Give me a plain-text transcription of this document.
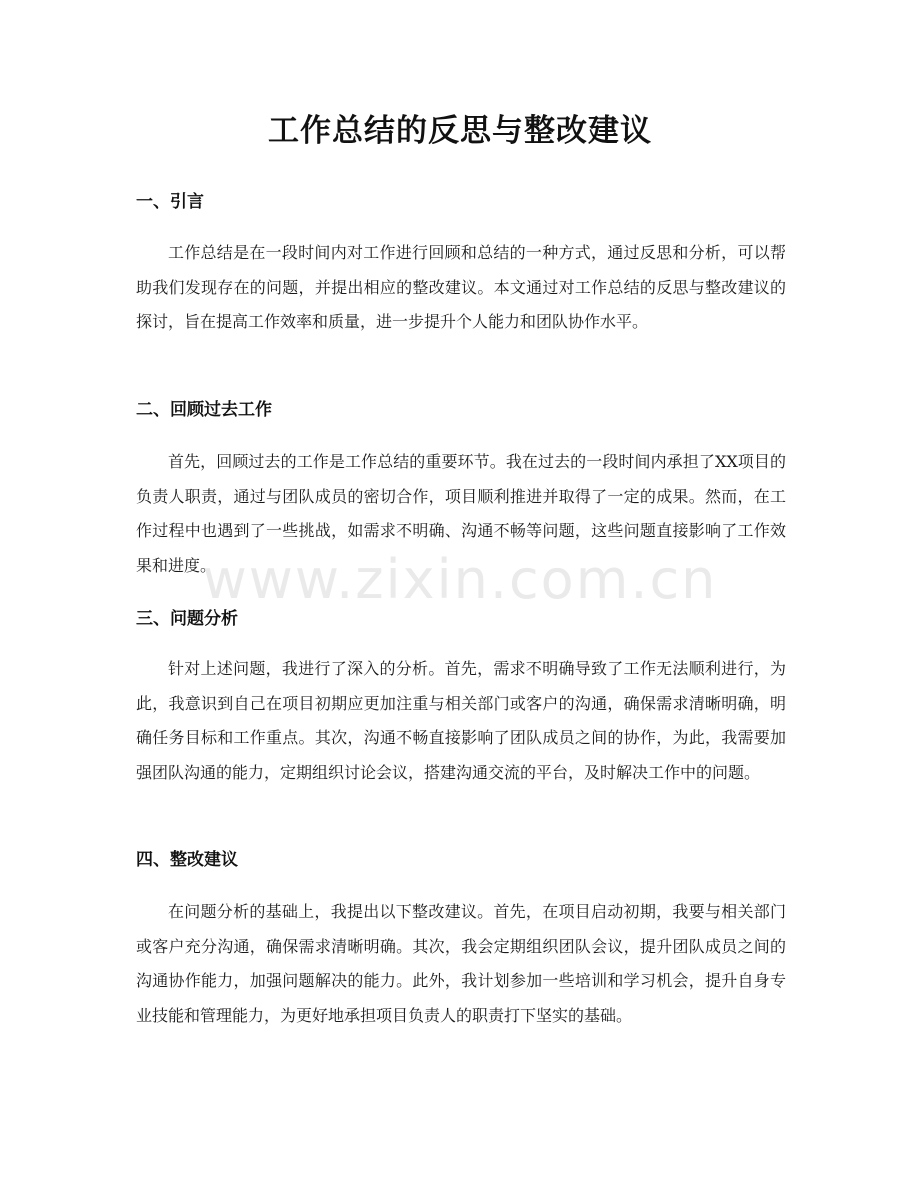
工作总结的反思与整改建议
一、引言
工作总结是在一段时间内对工作进行回顾和总结的一种方式，通过反思和分析，可以帮助我们发现存在的问题，并提出相应的整改建议。本文通过对工作总结的反思与整改建议的探讨，旨在提高工作效率和质量，进一步提升个人能力和团队协作水平。
二、回顾过去工作
首先，回顾过去的工作是工作总结的重要环节。我在过去的一段时间内承担了XX项目的负责人职责，通过与团队成员的密切合作，项目顺利推进并取得了一定的成果。然而，在工作过程中也遇到了一些挑战，如需求不明确、沟通不畅等问题，这些问题直接影响了工作效果和进度。
三、问题分析
针对上述问题，我进行了深入的分析。首先，需求不明确导致了工作无法顺利进行，为此，我意识到自己在项目初期应更加注重与相关部门或客户的沟通，确保需求清晰明确，明确任务目标和工作重点。其次，沟通不畅直接影响了团队成员之间的协作，为此，我需要加强团队沟通的能力，定期组织讨论会议，搭建沟通交流的平台，及时解决工作中的问题。
四、整改建议
在问题分析的基础上，我提出以下整改建议。首先，在项目启动初期，我要与相关部门或客户充分沟通，确保需求清晰明确。其次，我会定期组织团队会议，提升团队成员之间的沟通协作能力，加强问题解决的能力。此外，我计划参加一些培训和学习机会，提升自身专业技能和管理能力，为更好地承担项目负责人的职责打下坚实的基础。
www.zixin.com.cn
